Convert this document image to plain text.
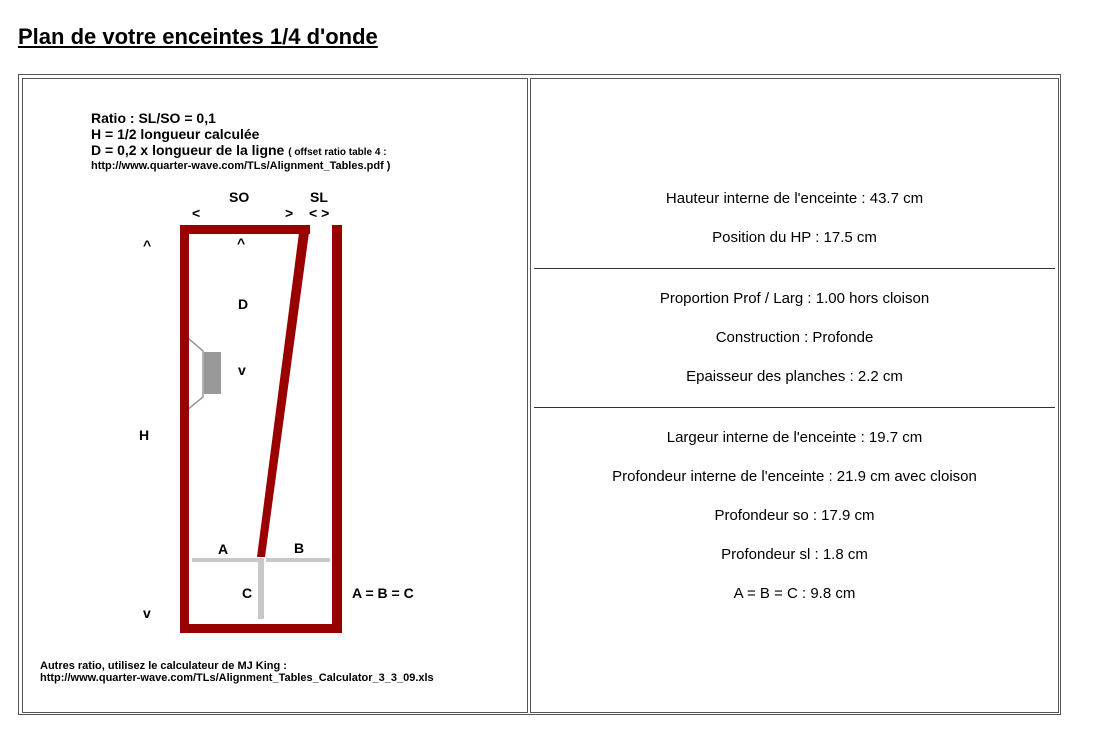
Plan de votre enceintes 1/4 d'onde
Ratio : SL/SO = 0,1
H = 1/2 longueur calculée
D = 0,2 x longueur de la ligne ( offset ratio table 4 :
http://www.quarter-wave.com/TLs/Alignment_Tables.pdf )
SO	SL
<	> < >
^
H
v
^
D
v
A	B
C	A = B = C
Autres ratio, utilisez le calculateur de MJ King :
http://www.quarter-wave.com/TLs/Alignment_Tables_Calculator_3_3_09.xls
Hauteur interne de l'enceinte : 43.7 cm
Position du HP : 17.5 cm
Proportion Prof / Larg : 1.00 hors cloison
Construction : Profonde
Epaisseur des planches : 2.2 cm
Largeur interne de l'enceinte : 19.7 cm
Profondeur interne de l'enceinte : 21.9 cm avec cloison
Profondeur so : 17.9 cm
Profondeur sl : 1.8 cm
A = B = C : 9.8 cm
